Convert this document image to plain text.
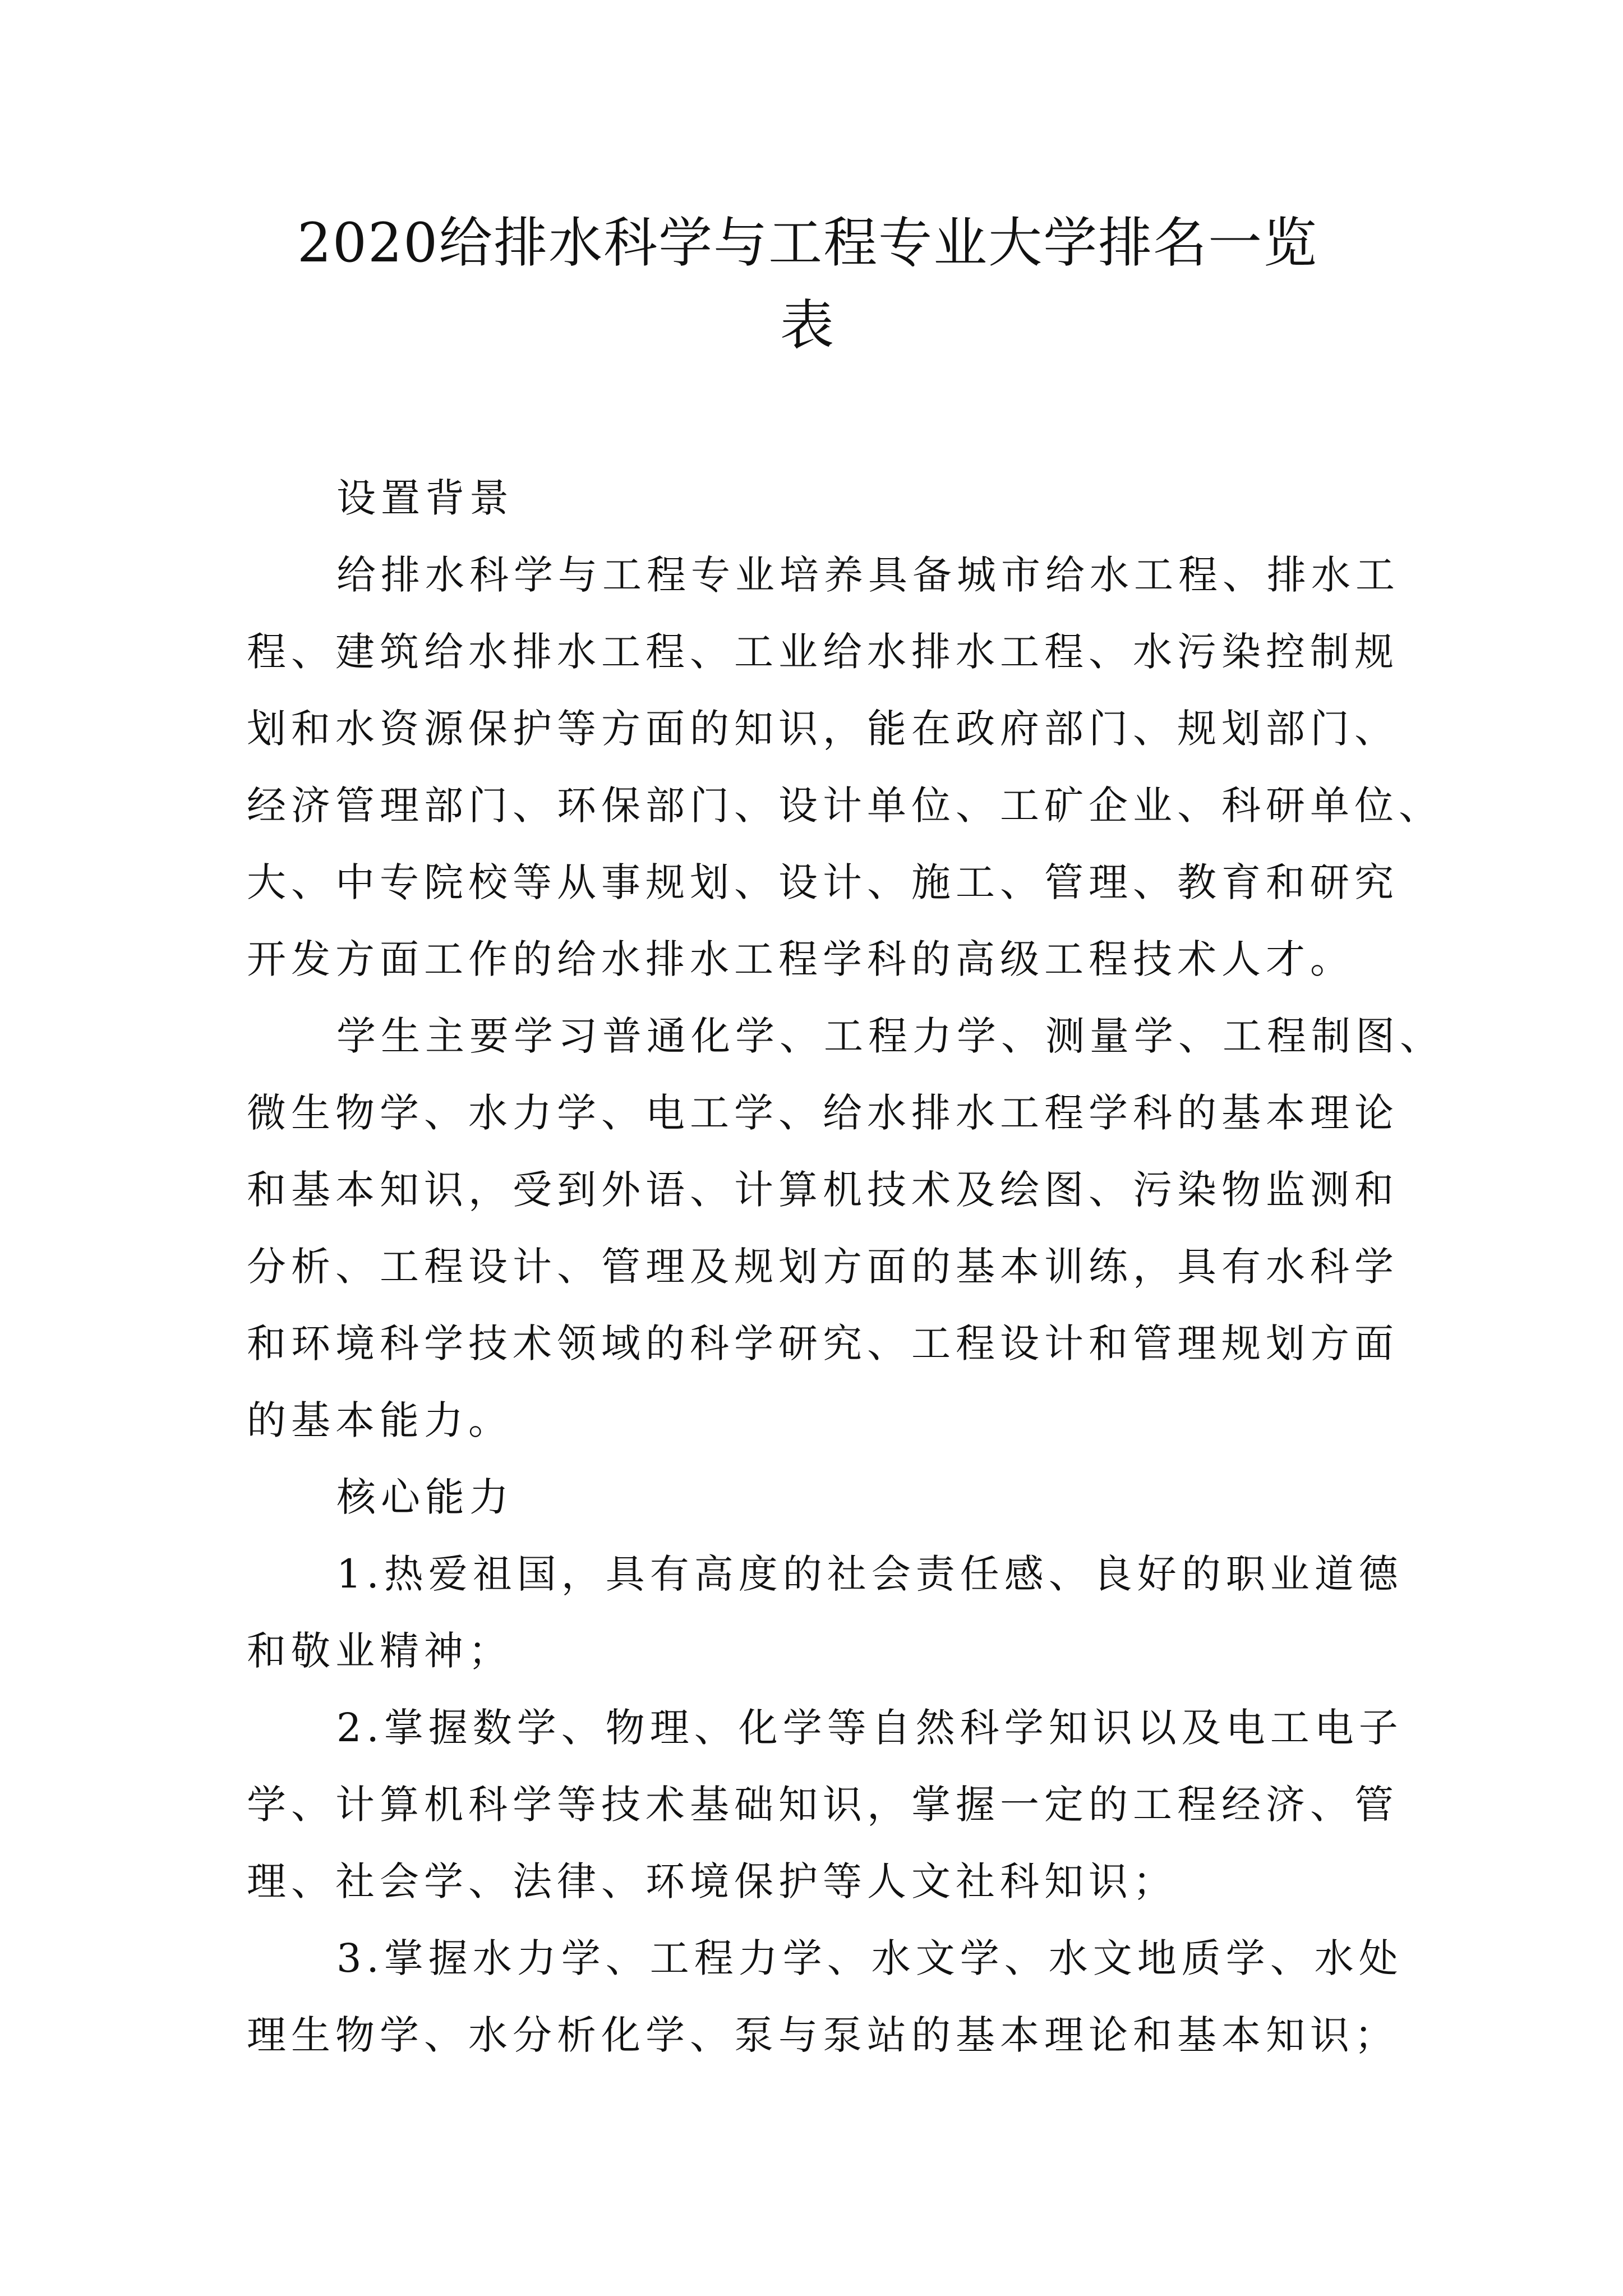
2020给排水科学与工程专业大学排名一览
表

设置背景

给排水科学与工程专业培养具备城市给水工程、排水工

程、建筑给水排水工程、工业给水排水工程、水污染控制规

划和水资源保护等方面的知识，能在政府部门、规划部门、

经济管理部门、环保部门、设计单位、工矿企业、科研单位、

大、中专院校等从事规划、设计、施工、管理、教育和研究

开发方面工作的给水排水工程学科的高级工程技术人才。

学生主要学习普通化学、工程力学、测量学、工程制图、

微生物学、水力学、电工学、给水排水工程学科的基本理论

和基本知识，受到外语、计算机技术及绘图、污染物监测和

分析、工程设计、管理及规划方面的基本训练，具有水科学

和环境科学技术领域的科学研究、工程设计和管理规划方面

的基本能力。

核心能力

1.热爱祖国，具有高度的社会责任感、良好的职业道德

和敬业精神；

2.掌握数学、物理、化学等自然科学知识以及电工电子

学、计算机科学等技术基础知识，掌握一定的工程经济、管

理、社会学、法律、环境保护等人文社科知识；

3.掌握水力学、工程力学、水文学、水文地质学、水处

理生物学、水分析化学、泵与泵站的基本理论和基本知识；
